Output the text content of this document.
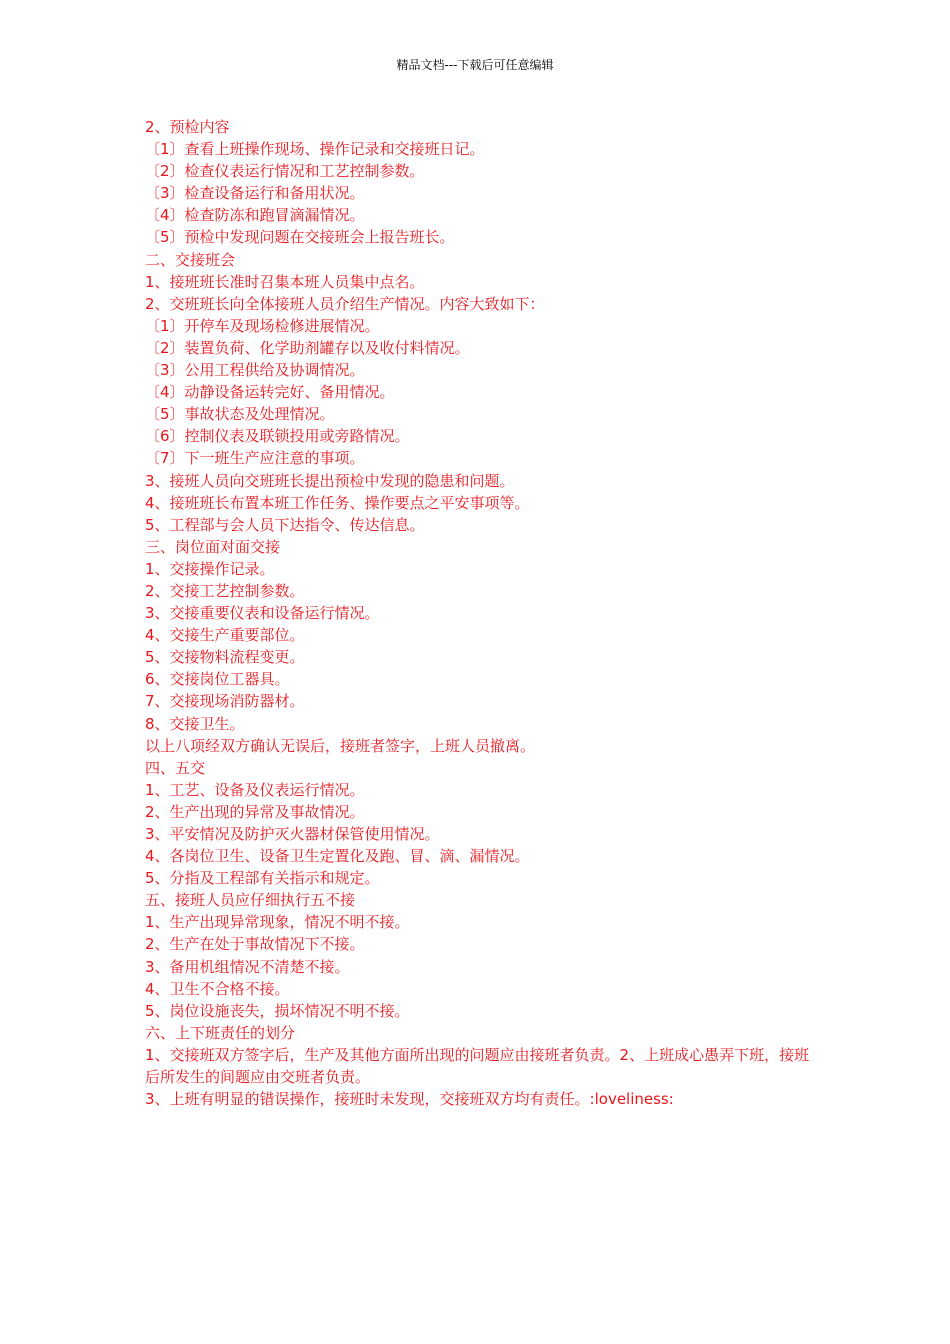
精品文档---下载后可任意编辑

2、预检内容

〔1〕查看上班操作现场、操作记录和交接班日记。

〔2〕检查仪表运行情况和工艺控制参数。

〔3〕检查设备运行和备用状况。

〔4〕检查防冻和跑冒滴漏情况。

〔5〕预检中发现问题在交接班会上报告班长。

二、交接班会

1、接班班长准时召集本班人员集中点名。

2、交班班长向全体接班人员介绍生产情况。内容大致如下：

〔1〕开停车及现场检修进展情况。

〔2〕装置负荷、化学助剂罐存以及收付料情况。

〔3〕公用工程供给及协调情况。

〔4〕动静设备运转完好、备用情况。

〔5〕事故状态及处理情况。

〔6〕控制仪表及联锁投用或旁路情况。

〔7〕下一班生产应注意的事项。

3、接班人员向交班班长提出预检中发现的隐患和问题。

4、接班班长布置本班工作任务、操作要点之平安事项等。

5、工程部与会人员下达指令、传达信息。

三、岗位面对面交接

1、交接操作记录。

2、交接工艺控制参数。

3、交接重要仪表和设备运行情况。

4、交接生产重要部位。

5、交接物料流程变更。

6、交接岗位工器具。

7、交接现场消防器材。

8、交接卫生。

以上八项经双方确认无误后，接班者签字，上班人员撤离。

四、五交

1、工艺、设备及仪表运行情况。

2、生产出现的异常及事故情况。

3、平安情况及防护灭火器材保管使用情况。

4、各岗位卫生、设备卫生定置化及跑、冒、滴、漏情况。

5、分指及工程部有关指示和规定。

五、接班人员应仔细执行五不接

1、生产出现异常现象，情况不明不接。

2、生产在处于事故情况下不接。

3、备用机组情况不清楚不接。

4、卫生不合格不接。

5、岗位设施丧失，损坏情况不明不接。

六、上下班责任的划分

1、交接班双方签字后，生产及其他方面所出现的问题应由接班者负责。2、上班成心愚弄下班，接班后所发生的间题应由交班者负责。

3、上班有明显的错误操作，接班时未发现，交接班双方均有责任。:loveliness:
